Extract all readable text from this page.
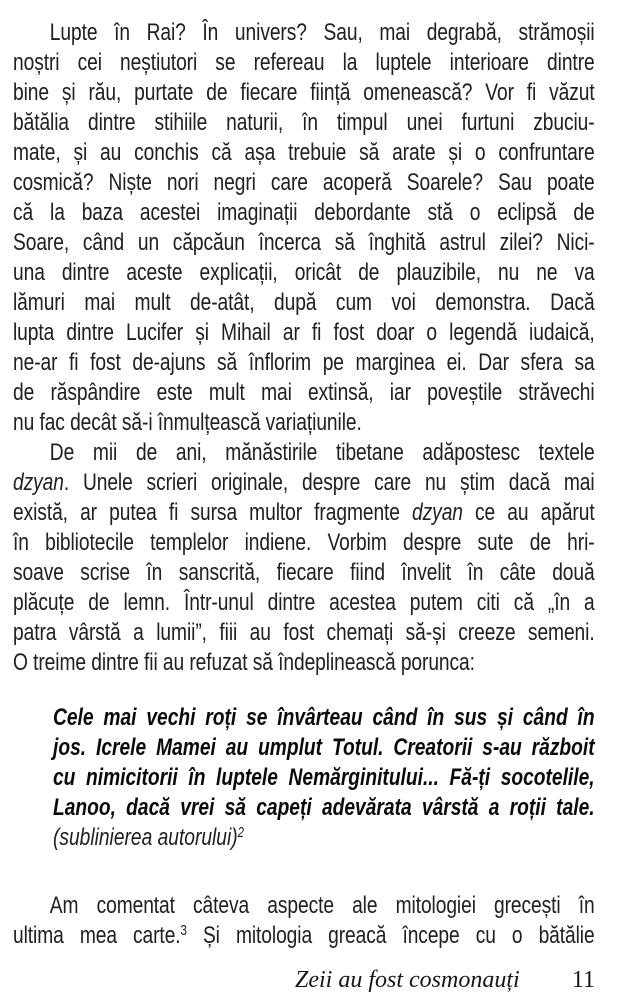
Lupte în Rai? În univers? Sau, mai degrabă, strămoșii
noștri cei neștiutori se refereau la luptele interioare dintre
bine și rău, purtate de fiecare ființă omenească? Vor fi văzut
bătălia dintre stihiile naturii, în timpul unei furtuni zbuciu-
mate, și au conchis că așa trebuie să arate și o confruntare
cosmică? Niște nori negri care acoperă Soarele? Sau poate
că la baza acestei imaginații debordante stă o eclipsă de
Soare, când un căpcăun încerca să înghită astrul zilei? Nici-
una dintre aceste explicații, oricât de plauzibile, nu ne va
lămuri mai mult de-atât, după cum voi demonstra. Dacă
lupta dintre Lucifer și Mihail ar fi fost doar o legendă iudaică,
ne-ar fi fost de-ajuns să înflorim pe marginea ei. Dar sfera sa
de răspândire este mult mai extinsă, iar poveștile străvechi
nu fac decât să-i înmulțească variațiunile.
De mii de ani, mănăstirile tibetane adăpostesc textele
dzyan. Unele scrieri originale, despre care nu știm dacă mai
există, ar putea fi sursa multor fragmente dzyan ce au apărut
în bibliotecile templelor indiene. Vorbim despre sute de hri-
soave scrise în sanscrită, fiecare fiind învelit în câte două
plăcuțe de lemn. Într-unul dintre acestea putem citi că „în a
patra vârstă a lumii”, fiii au fost chemați să-și creeze semeni.
O treime dintre fii au refuzat să îndeplinească porunca:
Cele mai vechi roți se învârteau când în sus și când în
jos. Icrele Mamei au umplut Totul. Creatorii s-au războit
cu nimicitorii în luptele Nemărginitului... Fă-ți socotelile,
Lanoo, dacă vrei să capeți adevărata vârstă a roții tale.
(sublinierea autorului)$^2$
Am comentat câteva aspecte ale mitologiei grecești în
ultima mea carte.$^3$ Și mitologia greacă începe cu o bătălie
Zeii au fost cosmonauți 11
